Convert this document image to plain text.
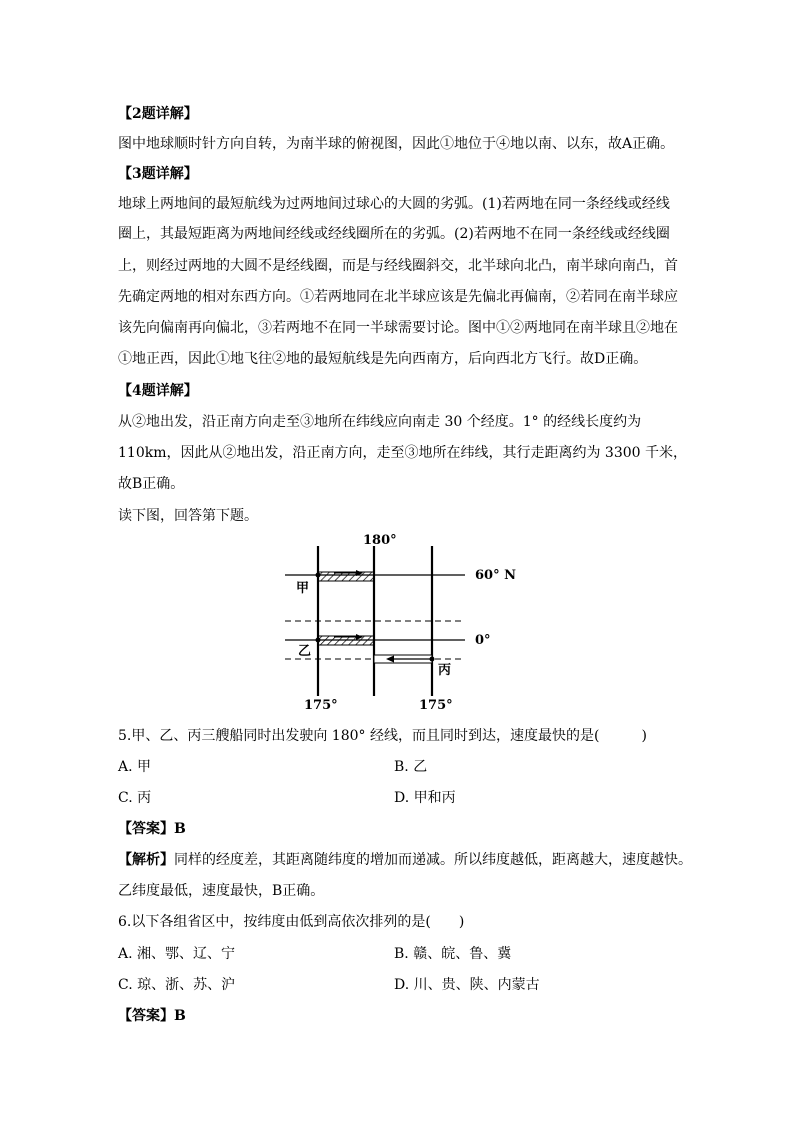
【2题详解】
图中地球顺时针方向自转，为南半球的俯视图，因此①地位于④地以南、以东，故A正确。
【3题详解】
地球上两地间的最短航线为过两地间过球心的大圆的劣弧。(1)若两地在同一条经线或经线
圈上，其最短距离为两地间经线或经线圈所在的劣弧。(2)若两地不在同一条经线或经线圈
上，则经过两地的大圆不是经线圈，而是与经线圈斜交，北半球向北凸，南半球向南凸，首
先确定两地的相对东西方向。①若两地同在北半球应该是先偏北再偏南，②若同在南半球应
该先向偏南再向偏北，③若两地不在同一半球需要讨论。图中①②两地同在南半球且②地在
①地正西，因此①地飞往②地的最短航线是先向西南方，后向西北方飞行。故D正确。
【4题详解】
从②地出发，沿正南方向走至③地所在纬线应向南走 30 个经度。1° 的经线长度约为
110km，因此从②地出发，沿正南方向，走至③地所在纬线，其行走距离约为 3300 千米，
故B正确。
读下图，回答第下题。
180°
60° N
0°
175°	175°
甲
乙
丙
5.甲、乙、丙三艘船同时出发驶向 180° 经线，而且同时到达，速度最快的是(　　　)
A. 甲	B. 乙
C. 丙	D. 甲和丙
【答案】B
【解析】同样的经度差，其距离随纬度的增加而递减。所以纬度越低，距离越大，速度越快。
乙纬度最低，速度最快，B正确。
6.以下各组省区中，按纬度由低到高依次排列的是(　　)
A. 湘、鄂、辽、宁	B. 赣、皖、鲁、冀
C. 琼、浙、苏、沪	D. 川、贵、陕、内蒙古
【答案】B
